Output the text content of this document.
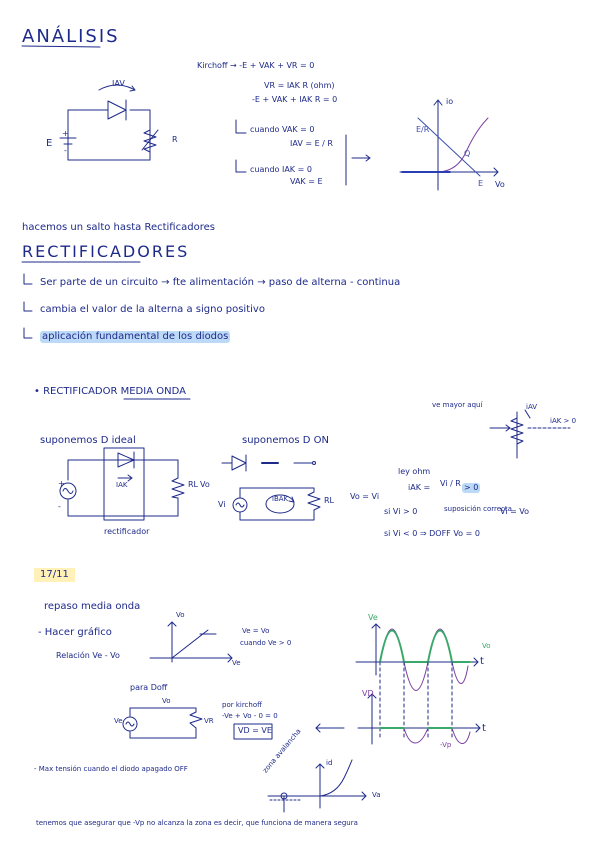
ANÁLISIS
IAV
E	R
+
-
Kirchoff → -E + VAK + VR = 0
VR = IAK R (ohm)
-E + VAK + IAK R = 0
cuando VAK = 0
IAV = E / R
cuando IAK = 0
VAK = E
io
Vo
E/R
Q
E
hacemos un salto hasta Rectificadores
RECTIFICADORES
Ser parte de un circuito → fte alimentación → paso de alterna - continua
cambia el valor de la alterna a signo positivo
aplicación fundamental de los diodos
• RECTIFICADOR MEDIA ONDA
ve mayor aquí	iAV
iAK > 0
suponemos D ideal	suponemos D ON
IAK	RL Vo
+
-
rectificador
Vi
iBAK	RL Vo = Vi
ley ohm
iAK = Vi / R > 0
si Vi > 0	suposición correcta
Vi = Vo
si Vi < 0 ⇒ DOFF Vo = 0
17/11
repaso media onda
- Hacer gráfico
Relación Ve - Vo
Vo
Ve
Ve = Vo
cuando Ve > 0
Ve
Vo
t
VD
t
-Vp
para Doff
Vo
Ve	VR
por kirchoff
-Ve + Vo - 0 = 0
VD = VE
- Max tensión cuando el diodo apagado OFF	zona avalancha	id
Va
tenemos que asegurar que -Vp no alcanza la zona es decir, que funciona de manera segura
